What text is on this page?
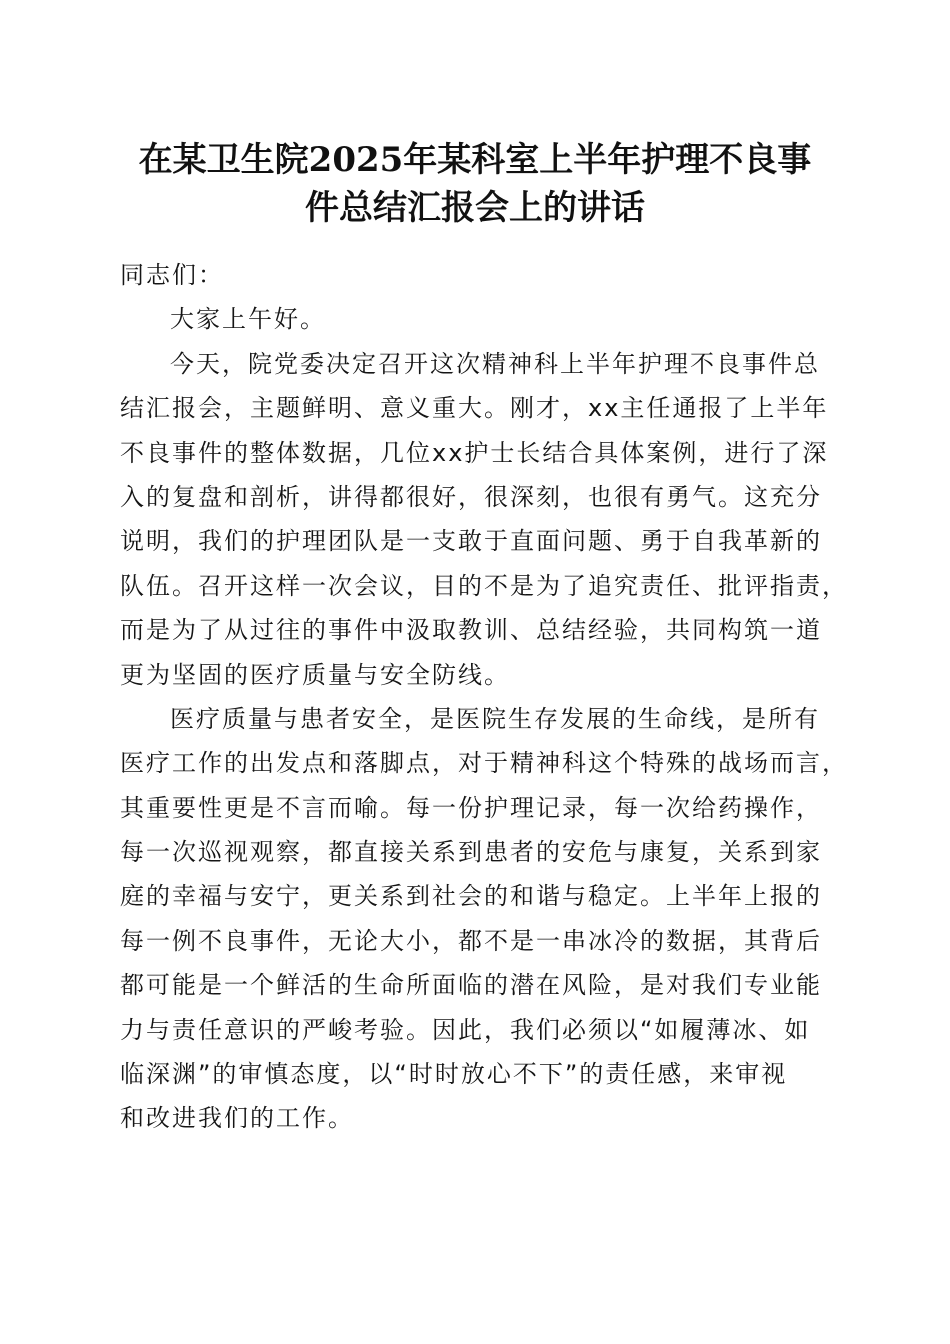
在某卫生院2025年某科室上半年护理不良事
件总结汇报会上的讲话
同志们：
大家上午好。
今天，院党委决定召开这次精神科上半年护理不良事件总
结汇报会，主题鲜明、意义重大。刚才，xx主任通报了上半年
不良事件的整体数据，几位xx护士长结合具体案例，进行了深
入的复盘和剖析，讲得都很好，很深刻，也很有勇气。这充分
说明，我们的护理团队是一支敢于直面问题、勇于自我革新的
队伍。召开这样一次会议，目的不是为了追究责任、批评指责，
而是为了从过往的事件中汲取教训、总结经验，共同构筑一道
更为坚固的医疗质量与安全防线。
医疗质量与患者安全，是医院生存发展的生命线，是所有
医疗工作的出发点和落脚点，对于精神科这个特殊的战场而言，
其重要性更是不言而喻。每一份护理记录，每一次给药操作，
每一次巡视观察，都直接关系到患者的安危与康复，关系到家
庭的幸福与安宁，更关系到社会的和谐与稳定。上半年上报的
每一例不良事件，无论大小，都不是一串冰冷的数据，其背后
都可能是一个鲜活的生命所面临的潜在风险，是对我们专业能
力与责任意识的严峻考验。因此，我们必须以“如履薄冰、如
临深渊”的审慎态度，以“时时放心不下”的责任感，来审视
和改进我们的工作。
